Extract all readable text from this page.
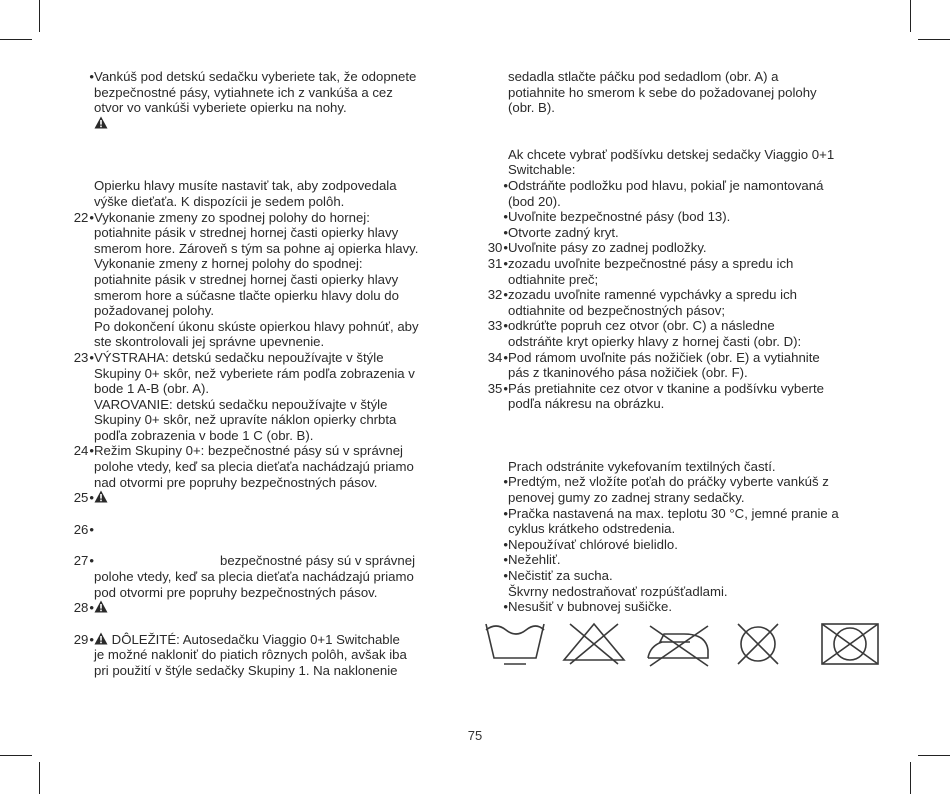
• Vankúš pod detskú sedačku vyberiete tak, že odopnete
bezpečnostné pásy, vytiahnete ich z vankúša a cez
otvor vo vankúši vyberiete opierku na nohy.
Opierku hlavy musíte nastaviť tak, aby zodpovedala
výške dieťaťa. K dispozícii je sedem polôh.
22• Vykonanie zmeny zo spodnej polohy do hornej:
potiahnite pásik v strednej hornej časti opierky hlavy
smerom hore. Zároveň s tým sa pohne aj opierka hlavy.
Vykonanie zmeny z hornej polohy do spodnej:
potiahnite pásik v strednej hornej časti opierky hlavy
smerom hore a súčasne tlačte opierku hlavy dolu do
požadovanej polohy.
Po dokončení úkonu skúste opierkou hlavy pohnúť, aby
ste skontrolovali jej správne upevnenie.
23• VÝSTRAHA: detskú sedačku nepoužívajte v štýle
Skupiny 0+ skôr, než vyberiete rám podľa zobrazenia v
bode 1 A-B (obr. A).
VAROVANIE: detskú sedačku nepoužívajte v štýle
Skupiny 0+ skôr, než upravíte náklon opierky chrbta
podľa zobrazenia v bode 1 C (obr. B).
24• Režim Skupiny 0+: bezpečnostné pásy sú v správnej
polohe vtedy, keď sa plecia dieťaťa nachádzajú priamo
nad otvormi pre popruhy bezpečnostných pásov.
25•
26•
27•	bezpečnostné pásy sú v správnej
polohe vtedy, keď sa plecia dieťaťa nachádzajú priamo
pod otvormi pre popruhy bezpečnostných pásov.
28•
29•	DÔLEŽITÉ: Autosedačku Viaggio 0+1 Switchable
je možné nakloniť do piatich rôznych polôh, avšak iba
pri použití v štýle sedačky Skupiny 1. Na naklonenie
sedadla stlačte páčku pod sedadlom (obr. A) a
potiahnite ho smerom k sebe do požadovanej polohy
(obr. B).
Ak chcete vybrať podšívku detskej sedačky Viaggio 0+1
Switchable:
• Odstráňte podložku pod hlavu, pokiaľ je namontovaná
(bod 20).
• Uvoľnite bezpečnostné pásy (bod 13).
• Otvorte zadný kryt.
30• Uvoľnite pásy zo zadnej podložky.
31• zozadu uvoľnite bezpečnostné pásy a spredu ich
odtiahnite preč;
32• zozadu uvoľnite ramenné vypchávky a spredu ich
odtiahnite od bezpečnostných pásov;
33• odkrúťte popruh cez otvor (obr. C) a následne
odstráňte kryt opierky hlavy z hornej časti (obr. D):
34• Pod rámom uvoľnite pás nožičiek (obr. E) a vytiahnite
pás z tkaninového pása nožičiek (obr. F).
35• Pás pretiahnite cez otvor v tkanine a podšívku vyberte
podľa nákresu na obrázku.
Prach odstránite vykefovaním textilných častí.
• Predtým, než vložíte poťah do práčky vyberte vankúš z
penovej gumy zo zadnej strany sedačky.
• Pračka nastavená na max. teplotu 30 °C, jemné pranie a
cyklus krátkeho odstredenia.
• Nepoužívať chlórové bielidlo.
• Nežehliť.
• Nečistiť za sucha.
Škvrny nedostraňovať rozpúšťadlami.
• Nesušiť v bubnovej sušičke.
75
